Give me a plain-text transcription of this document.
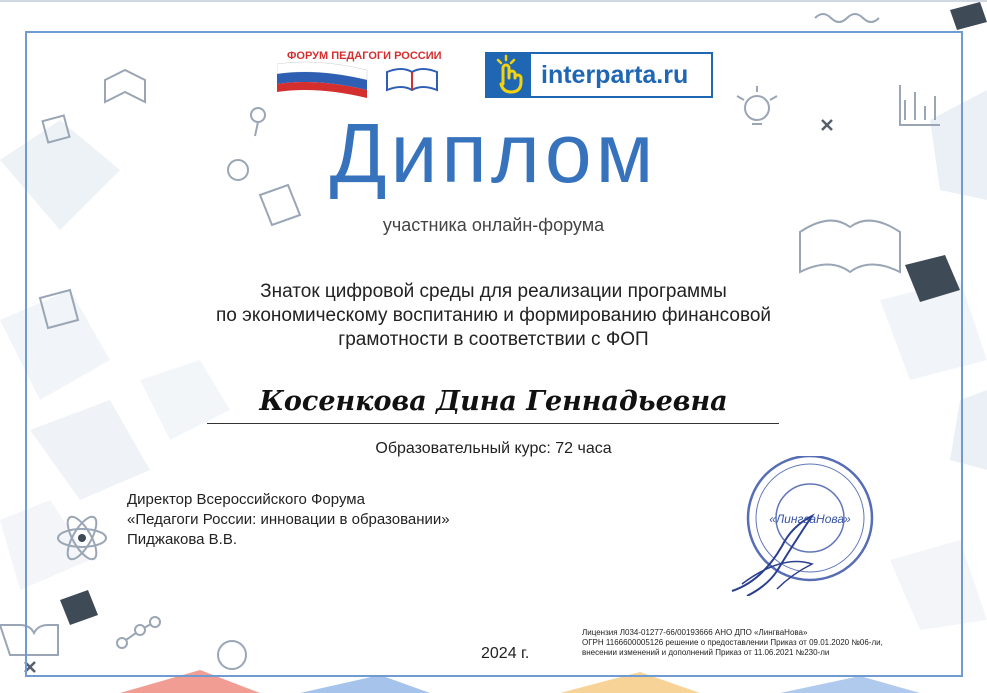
ФОРУМ ПЕДАГОГИ РОССИИ
interparta.ru
Диплом
участника онлайн-форума
Знаток цифровой среды для реализации программы
по экономическому воспитанию и формированию финансовой
грамотности в соответствии с ФОП
Косенкова Дина Геннадьевна
Образовательный курс: 72 часа
Директор Всероссийского Форума
«Педагоги России: инновации в образовании»
Пиджакова В.В.
«ЛингваНова»
2024 г.
Лицензия Л034-01277-66/00193666 АНО ДПО «ЛингваНова»
ОГРН 1166600005126 решение о предоставлении Приказ от 09.01.2020 №06-ли,
внесении изменений и дополнений Приказ от 11.06.2021 №230-ли
